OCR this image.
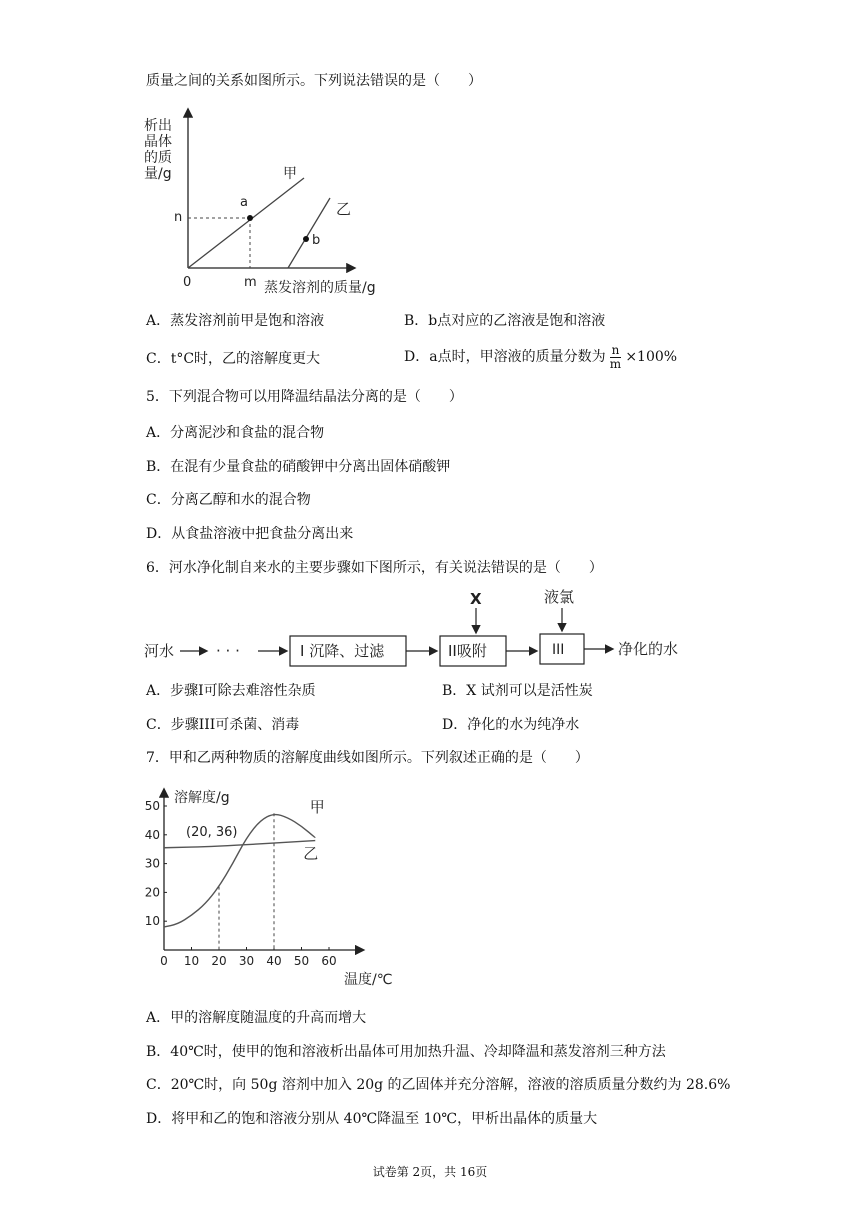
质量之间的关系如图所示。下列说法错误的是（　　）
析出
晶体
的质
量/g
0
n
m 蒸发溶剂的质量/g
甲
乙
a
b
A．蒸发溶剂前甲是饱和溶液	B．b点对应的乙溶液是饱和溶液
C．t°C时，乙的溶解度更大	D．a点时，甲溶液的质量分数为 $\frac{n}{m} \times 100\%$
5．下列混合物可以用降温结晶法分离的是（　　）
A．分离泥沙和食盐的混合物
B．在混有少量食盐的硝酸钾中分离出固体硝酸钾
C．分离乙醇和水的混合物
D．从食盐溶液中把食盐分离出来
6．河水净化制自来水的主要步骤如下图所示，有关说法错误的是（　　）
河水	· · ·	I 沉降、过滤	II吸附
X
III
液氯
净化的水
A．步骤I可除去难溶性杂质	B．X 试剂可以是活性炭
C．步骤III可杀菌、消毒	D．净化的水为纯净水
7．甲和乙两种物质的溶解度曲线如图所示。下列叙述正确的是（　　）
溶解度/g
温度/℃
0 10 20 30 40 50 60
10
20
30
40
50	甲
乙
(20, 36)
A．甲的溶解度随温度的升高而增大
B．40℃时，使甲的饱和溶液析出晶体可用加热升温、冷却降温和蒸发溶剂三种方法
C．20℃时，向 50g 溶剂中加入 20g 的乙固体并充分溶解，溶液的溶质质量分数约为 28.6%
D．将甲和乙的饱和溶液分别从 40℃降温至 10℃，甲析出晶体的质量大
试卷第 2页，共 16页
